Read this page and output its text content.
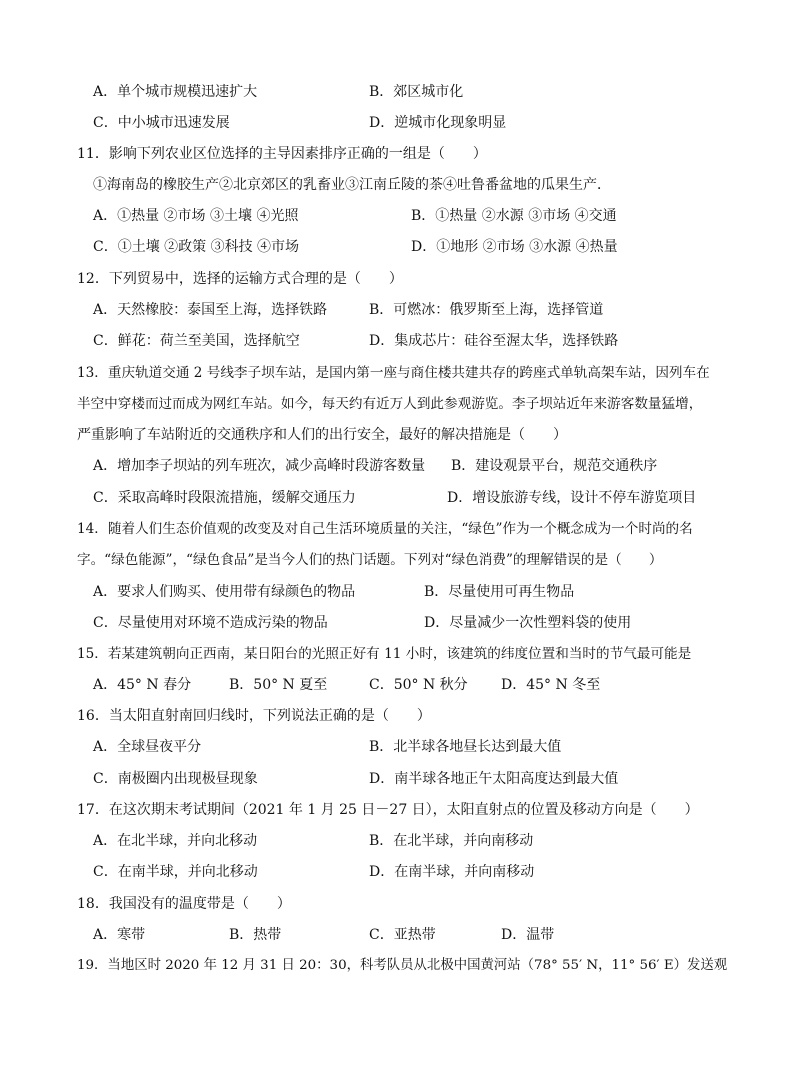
A．单个城市规模迅速扩大	B．郊区城市化
C．中小城市迅速发展	D．逆城市化现象明显
11．影响下列农业区位选择的主导因素排序正确的一组是（　　）
①海南岛的橡胶生产②北京郊区的乳畜业③江南丘陵的茶④吐鲁番盆地的瓜果生产．
A．①热量 ②市场 ③土壤 ④光照	B．①热量 ②水源 ③市场 ④交通
C．①土壤 ②政策 ③科技 ④市场	D．①地形 ②市场 ③水源 ④热量
12．下列贸易中，选择的运输方式合理的是（　　）
A．天然橡胶：泰国至上海，选择铁路	B．可燃冰：俄罗斯至上海，选择管道
C．鲜花：荷兰至美国，选择航空	D．集成芯片：硅谷至渥太华，选择铁路
13．重庆轨道交通 2 号线李子坝车站，是国内第一座与商住楼共建共存的跨座式单轨高架车站，因列车在
半空中穿楼而过而成为网红车站。如今，每天约有近万人到此参观游览。李子坝站近年来游客数量猛增，
严重影响了车站附近的交通秩序和人们的出行安全，最好的解决措施是（　　）
A．增加李子坝站的列车班次，减少高峰时段游客数量 B．建设观景平台，规范交通秩序
C．采取高峰时段限流措施，缓解交通压力	D．增设旅游专线，设计不停车游览项目
14．随着人们生态价值观的改变及对自己生活环境质量的关注，“绿色”作为一个概念成为一个时尚的名
字。“绿色能源”，“绿色食品”是当今人们的热门话题。下列对“绿色消费”的理解错误的是（　　）
A．要求人们购买、使用带有绿颜色的物品	B．尽量使用可再生物品
C．尽量使用对环境不造成污染的物品	D．尽量减少一次性塑料袋的使用
15．若某建筑朝向正西南，某日阳台的光照正好有 11 小时，该建筑的纬度位置和当时的节气最可能是
A．45° N 春分	B．50° N 夏至	C．50° N 秋分 D．45° N 冬至
16．当太阳直射南回归线时，下列说法正确的是（　　）
A．全球昼夜平分	B．北半球各地昼长达到最大值
C．南极圈内出现极昼现象	D．南半球各地正午太阳高度达到最大值
17．在这次期末考试期间（2021 年 1 月 25 日－27 日），太阳直射点的位置及移动方向是（　　）
A．在北半球，并向北移动	B．在北半球，并向南移动
C．在南半球，并向北移动	D．在南半球，并向南移动
18．我国没有的温度带是（　　）
A．寒带	B．热带	C．亚热带	D．温带
19．当地区时 2020 年 12 月 31 日 20：30，科考队员从北极中国黄河站（78° 55′ N，11° 56′ E）发送观
